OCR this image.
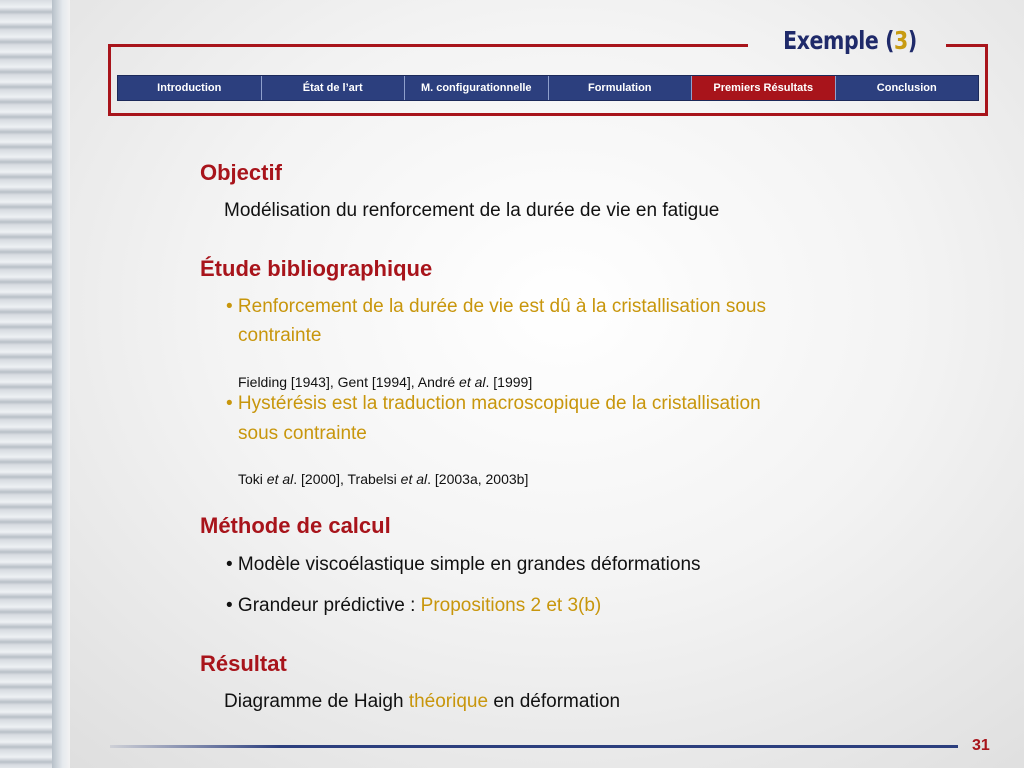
Exemple (3)
Introduction	État de l’art	M. configurationnelle	Formulation	Premiers Résultats	Conclusion
Objectif

Modélisation du renforcement de la durée de vie en fatigue

Étude bibliographique

• Renforcement de la durée de vie est dû à la cristallisation sous

contrainte

Fielding [1943], Gent [1994], André et al. [1999]

• Hystérésis est la traduction macroscopique de la cristallisation

sous contrainte

Toki et al. [2000], Trabelsi et al. [2003a, 2003b]

Méthode de calcul

• Modèle viscoélastique simple en grandes déformations

• Grandeur prédictive : Propositions 2 et 3(b)

Résultat

Diagramme de Haigh théorique en déformation

31
